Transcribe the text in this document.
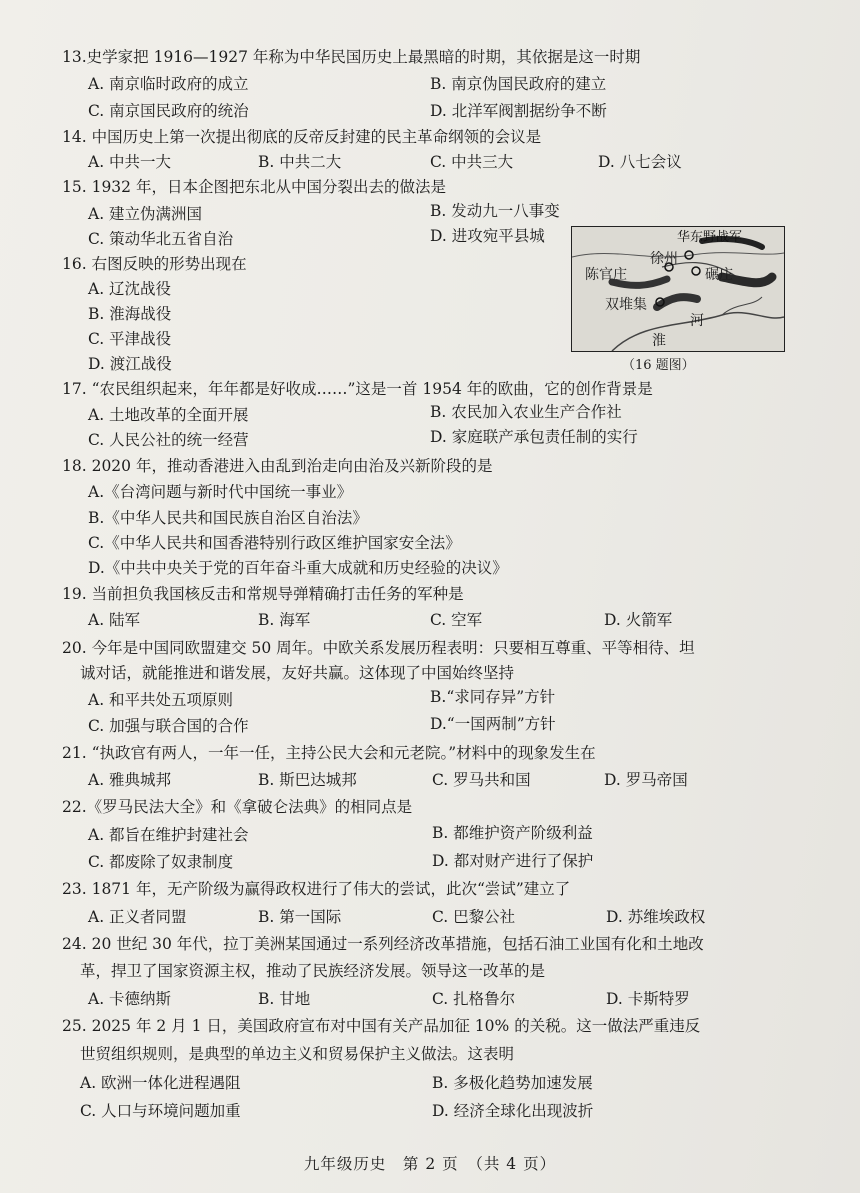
13.史学家把 1916—1927 年称为中华民国历史上最黑暗的时期，其依据是这一时期
A. 南京临时政府的成立	B. 南京伪国民政府的建立
C. 南京国民政府的统治	D. 北洋军阀割据纷争不断
14. 中国历史上第一次提出彻底的反帝反封建的民主革命纲领的会议是
A. 中共一大	B. 中共二大	C. 中共三大	D. 八七会议
15. 1932 年，日本企图把东北从中国分裂出去的做法是
A. 建立伪满洲国	B. 发动九一八事变
C. 策动华北五省自治	D. 进攻宛平县城
16. 右图反映的形势出现在
A. 辽沈战役
B. 淮海战役
C. 平津战役
D. 渡江战役
华东野战军
徐州
碾庄
陈官庄
双堆集
淮
河
（16 题图）
17. “农民组织起来，年年都是好收成……”这是一首 1954 年的欧曲，它的创作背景是
A. 土地改革的全面开展	B. 农民加入农业生产合作社
C. 人民公社的统一经营	D. 家庭联产承包责任制的实行
18. 2020 年，推动香港进入由乱到治走向由治及兴新阶段的是
A.《台湾问题与新时代中国统一事业》
B.《中华人民共和国民族自治区自治法》
C.《中华人民共和国香港特别行政区维护国家安全法》
D.《中共中央关于党的百年奋斗重大成就和历史经验的决议》
19. 当前担负我国核反击和常规导弹精确打击任务的军种是
A. 陆军	B. 海军	C. 空军	D. 火箭军
20. 今年是中国同欧盟建交 50 周年。中欧关系发展历程表明：只要相互尊重、平等相待、坦
诚对话，就能推进和谐发展，友好共赢。这体现了中国始终坚持
A. 和平共处五项原则	B.“求同存异”方针
C. 加强与联合国的合作	D.“一国两制”方针
21. “执政官有两人，一年一任，主持公民大会和元老院。”材料中的现象发生在
A. 雅典城邦	B. 斯巴达城邦	C. 罗马共和国	D. 罗马帝国
22.《罗马民法大全》和《拿破仑法典》的相同点是
A. 都旨在维护封建社会	B. 都维护资产阶级利益
C. 都废除了奴隶制度	D. 都对财产进行了保护
23. 1871 年，无产阶级为赢得政权进行了伟大的尝试，此次“尝试”建立了
A. 正义者同盟	B. 第一国际	C. 巴黎公社	D. 苏维埃政权
24. 20 世纪 30 年代，拉丁美洲某国通过一系列经济改革措施，包括石油工业国有化和土地改
革，捍卫了国家资源主权，推动了民族经济发展。领导这一改革的是
A. 卡德纳斯	B. 甘地	C. 扎格鲁尔	D. 卡斯特罗
25. 2025 年 2 月 1 日，美国政府宣布对中国有关产品加征 10% 的关税。这一做法严重违反
世贸组织规则，是典型的单边主义和贸易保护主义做法。这表明
A. 欧洲一体化进程遇阻	B. 多极化趋势加速发展
C. 人口与环境问题加重	D. 经济全球化出现波折
九年级历史　第 2 页　（共 4 页）
